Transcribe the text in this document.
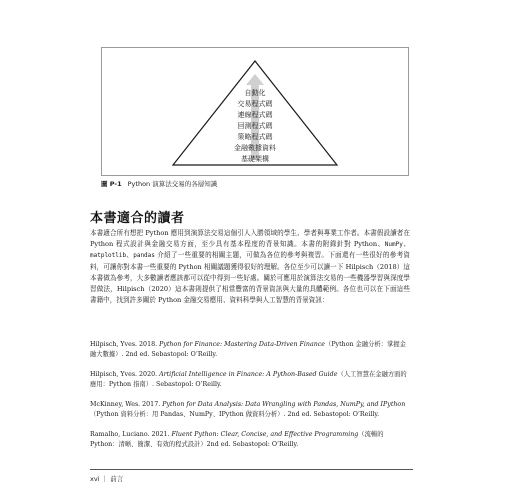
自動化
交易程式碼
連線程式碼
回測程式碼
策略程式碼
金融數據資料
基礎架構
圖 P-1 Python 演算法交易的各層知識
本書適合的讀者

本書適合所有想把 Python 應用到演算法交易這個引人入勝領域的學生、學者與專業工作者。本書假設讀者在 Python 程式設計與金融交易方面，至少具有基本程度的背景知識。本書的附錄針對 Python、NumPy、matplotlib、pandas 介紹了一些重要的相關主題，可做為各位的參考與複習。下面還有一些很好的參考資料，可讓你對本書一些重要的 Python 相關議題獲得很好的理解。各位至少可以讀一下 Hilpisch（2018）這本書做為參考，大多數讀者應該都可以從中得到一些好處。關於可應用於演算法交易的一些機器學習與深度學習做法，Hilpisch（2020）這本書則提供了相當豐富的背景資訊與大量的具體範例。各位也可以在下面這些書籍中，找到許多關於 Python 金融交易應用、資料科學與人工智慧的背景資訊：

Hilpisch, Yves. 2018. Python for Finance: Mastering Data-Driven Finance（Python 金融分析：掌握金融大數據）. 2nd ed. Sebastopol: O’Reilly.
Hilpisch, Yves. 2020. Artificial Intelligence in Finance: A Python-Based Guide（人工智慧在金融方面的應用：Python 指南）. Sebastopol: O’Reilly.
McKinney, Wes. 2017. Python for Data Analysis: Data Wrangling with Pandas, NumPy, and IPython（Python 資料分析：用 Pandas、NumPy、IPython 做資料分析）. 2nd ed. Sebastopol: O’Reilly.
Ramalho, Luciano. 2021. Fluent Python: Clear, Concise, and Effective Programming（流暢的 Python：清晰、簡潔、有效的程式設計）2nd ed. Sebastopol: O’Reilly.
xvi ｜ 前言
